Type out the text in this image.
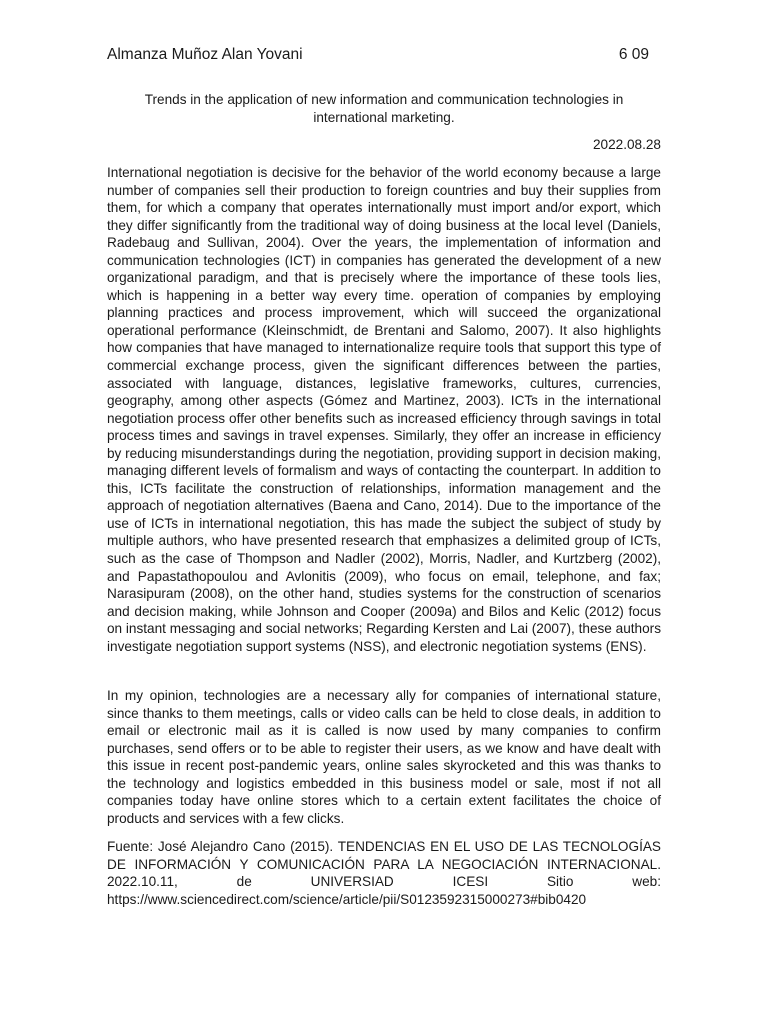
Almanza Muñoz Alan Yovani	6 09
Trends in the application of new information and communication technologies in international marketing.
2022.08.28

International negotiation is decisive for the behavior of the world economy because a large number of companies sell their production to foreign countries and buy their supplies from them, for which a company that operates internationally must import and/or export, which they differ significantly from the traditional way of doing business at the local level (Daniels, Radebaug and Sullivan, 2004). Over the years, the implementation of information and communication technologies (ICT) in companies has generated the development of a new organizational paradigm, and that is precisely where the importance of these tools lies, which is happening in a better way every time. operation of companies by employing planning practices and process improvement, which will succeed the organizational operational performance (Kleinschmidt, de Brentani and Salomo, 2007). It also highlights how companies that have managed to internationalize require tools that support this type of commercial exchange process, given the significant differences between the parties, associated with language, distances, legislative frameworks, cultures, currencies, geography, among other aspects (Gómez and Martinez, 2003). ICTs in the international negotiation process offer other benefits such as increased efficiency through savings in total process times and savings in travel expenses. Similarly, they offer an increase in efficiency by reducing misunderstandings during the negotiation, providing support in decision making, managing different levels of formalism and ways of contacting the counterpart. In addition to this, ICTs facilitate the construction of relationships, information management and the approach of negotiation alternatives (Baena and Cano, 2014). Due to the importance of the use of ICTs in international negotiation, this has made the subject the subject of study by multiple authors, who have presented research that emphasizes a delimited group of ICTs, such as the case of Thompson and Nadler (2002), Morris, Nadler, and Kurtzberg (2002), and Papastathopoulou and Avlonitis (2009), who focus on email, telephone, and fax; Narasipuram (2008), on the other hand, studies systems for the construction of scenarios and decision making, while Johnson and Cooper (2009a) and Bilos and Kelic (2012) focus on instant messaging and social networks; Regarding Kersten and Lai (2007), these authors investigate negotiation support systems (NSS), and electronic negotiation systems (ENS).

In my opinion, technologies are a necessary ally for companies of international stature, since thanks to them meetings, calls or video calls can be held to close deals, in addition to email or electronic mail as it is called is now used by many companies to confirm purchases, send offers or to be able to register their users, as we know and have dealt with this issue in recent post-pandemic years, online sales skyrocketed and this was thanks to the technology and logistics embedded in this business model or sale, most if not all companies today have online stores which to a certain extent facilitates the choice of products and services with a few clicks.

Fuente: José Alejandro Cano (2015). TENDENCIAS EN EL USO DE LAS TECNOLOGÍAS DE INFORMACIÓN Y COMUNICACIÓN PARA LA NEGOCIACIÓN INTERNACIONAL. 2022.10.11, de UNIVERSIAD ICESI Sitio web: https://www.sciencedirect.com/science/article/pii/S0123592315000273#bib0420
